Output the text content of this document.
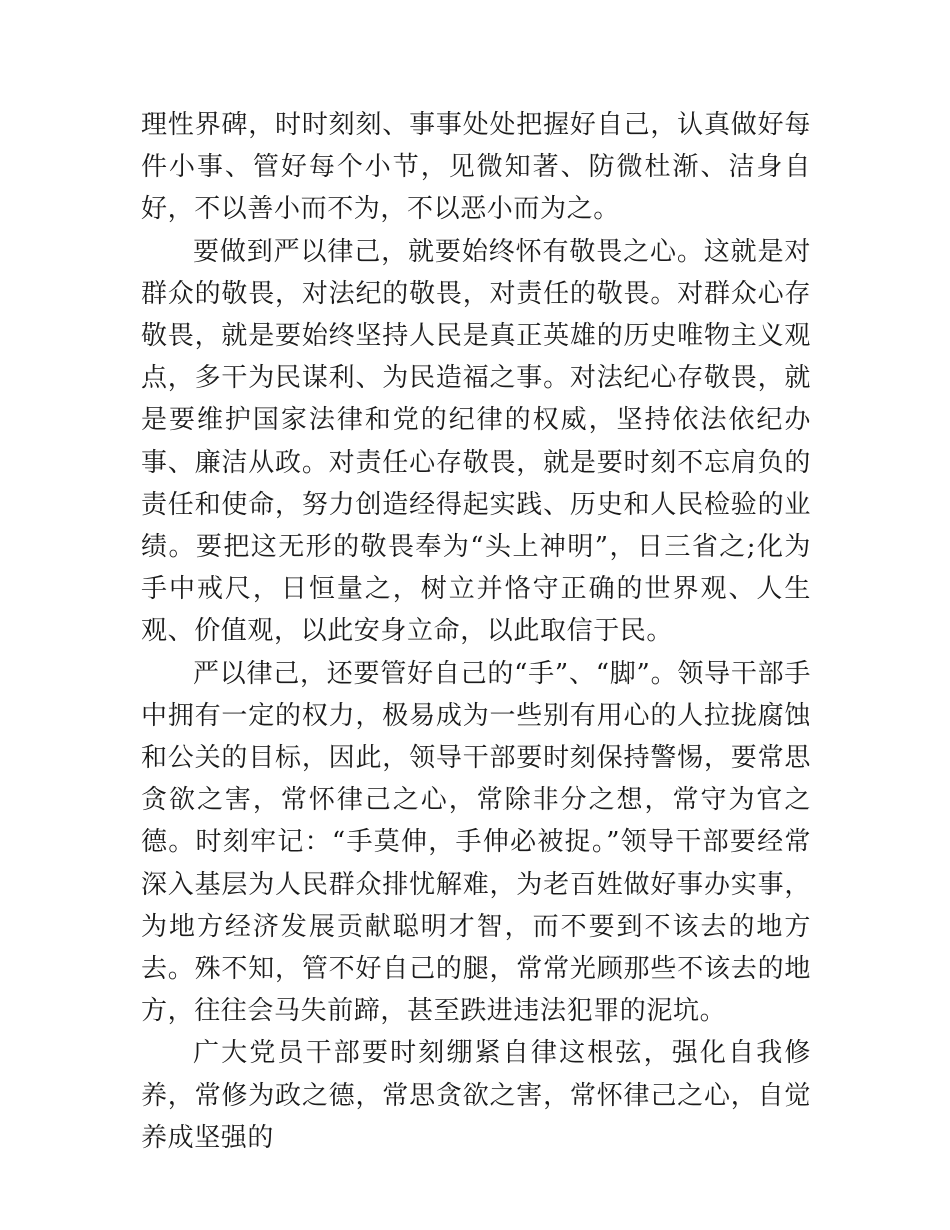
理性界碑，时时刻刻、事事处处把握好自己，认真做好每件小事、管好每个小节，见微知著、防微杜渐、洁身自好，不以善小而不为，不以恶小而为之。

要做到严以律己，就要始终怀有敬畏之心。这就是对群众的敬畏，对法纪的敬畏，对责任的敬畏。对群众心存敬畏，就是要始终坚持人民是真正英雄的历史唯物主义观点，多干为民谋利、为民造福之事。对法纪心存敬畏，就是要维护国家法律和党的纪律的权威，坚持依法依纪办事、廉洁从政。对责任心存敬畏，就是要时刻不忘肩负的责任和使命，努力创造经得起实践、历史和人民检验的业绩。要把这无形的敬畏奉为“头上神明”，日三省之;化为手中戒尺，日恒量之，树立并恪守正确的世界观、人生观、价值观，以此安身立命，以此取信于民。

严以律己，还要管好自己的“手”、“脚”。领导干部手中拥有一定的权力，极易成为一些别有用心的人拉拢腐蚀和公关的目标，因此，领导干部要时刻保持警惕，要常思贪欲之害，常怀律己之心，常除非分之想，常守为官之德。时刻牢记：“手莫伸，手伸必被捉。”领导干部要经常深入基层为人民群众排忧解难，为老百姓做好事办实事，为地方经济发展贡献聪明才智，而不要到不该去的地方去。殊不知，管不好自己的腿，常常光顾那些不该去的地方，往往会马失前蹄，甚至跌进违法犯罪的泥坑。

广大党员干部要时刻绷紧自律这根弦，强化自我修养，常修为政之德，常思贪欲之害，常怀律己之心，自觉养成坚强的
